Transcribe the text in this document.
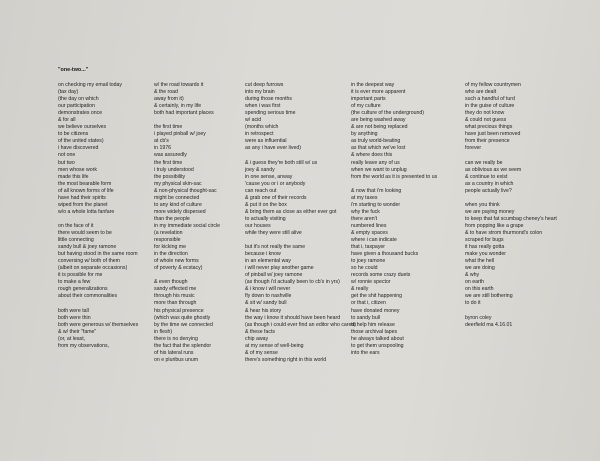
"one-two..."
on checking my email today
(tax day)
(the day on which
our participation
demonstrates once
& for all
we believe ourselves
to be citizens
of the united states)
i have discovered
not one
but two
men whose work
made this life
the most bearable form
of all known forms of life
have had their spirits
wiped from the planet
w/o a whole lotta fanfare
on the face of it
there would seem to be
little connecting
sandy bull & joey ramone
but having stood in the same room
conversing w/ both of them
(albeit on separate occasions)
it is possible for me
to make a few
rough generalizations
about their commonalities
both were tall
both were thin
both were generous w/ themselves
& w/ their "fame"
(or, at least,
from my observations,
w/ the road towards it
& the road
away from it)
& certainly, in my life
both had important places
the first time
i played pinball w/ joey
at cb's
in 1976
was assuredly
the first time
i truly understood
the possibility
my physical skin-sac
& non-physical thought-sac
might be connected
to any kind of culture
more widely dispersed
than the people
in my immediate social circle
(a revelation
responsible
for kicking me
in the direction
of whole new forms
of poverty & ecstacy)
& even though
sandy effected me
through his music
more than through
his physical presence
(which was quite ghostly
by the time we connected
in flesh)
there is no denying
the fact that the splendor
of his lateral runs
on e pluribus unum
cut deep furrows
into my brain
during those months
when i was first
spending serious time
w/ acid
(months which
in retrospect
were as influential
as any i have ever lived)
& i guess they're both still w/ us
joey & sandy
in one sense, anway
'cause you or i or anybody
can reach out
& grab one of their records
& put it on the box
& bring them as close as either ever got
to actually visiting
our houses
while they were still alive
but it's not really the same
because i know
in an elemental way
i will never play another game
of pinball w/ joey ramone
(as though i'd actually been to cb's in yrs)
& i know i will never
fly down to nashville
& sit w/ sandy bull
& hear his story
the way i know it should have been heard
(as though i could ever find an editor who cared)
& these facts
chip away
at my sense of well-being
& of my sense
there's something right in this world
in the deepest way
it is ever more apparent
important parts
of my culture
(the culture of the underground)
are being washed away
& are not being replaced
by anything
as truly world-beating
as that which we've lost
& where does this
really leave any of us
when we want to unplug
from the world as it is presented to us
& now that i'm looking
at my taxes
i'm starting to wonder
why the fuck
there aren't
numbered lines
& empty spaces
where i can indicate
that i, taxpayer
have given a thousand bucks
to joey ramone
so he could
records some crazy duets
w/ ronnie spector
& really
get the shit happening
or that i, citizen
have donated money
to sandy bull
to help him release
those archival tapes
he always talked about
to get them unspooling
into the ears
of my fellow countrymen
who are dealt
such a handful of turd
in the guise of culture
they do not know
& could not guess
what precious things
have just been removed
from their presence
forever
can we really be
as oblivious as we seem
& continue to exist
as a country in which
people actually live?
when you think
we are paying money
to keep that fat scumbag cheney's heart
from popping like a grape
& to have strom thurmond's colon
scraped for bugs
it has really gotta
make you wonder
what the hell
we are doing
& why
on earth
on this earth
we are still bothering
to do it
byron coley
deerfield ma 4.16.01
